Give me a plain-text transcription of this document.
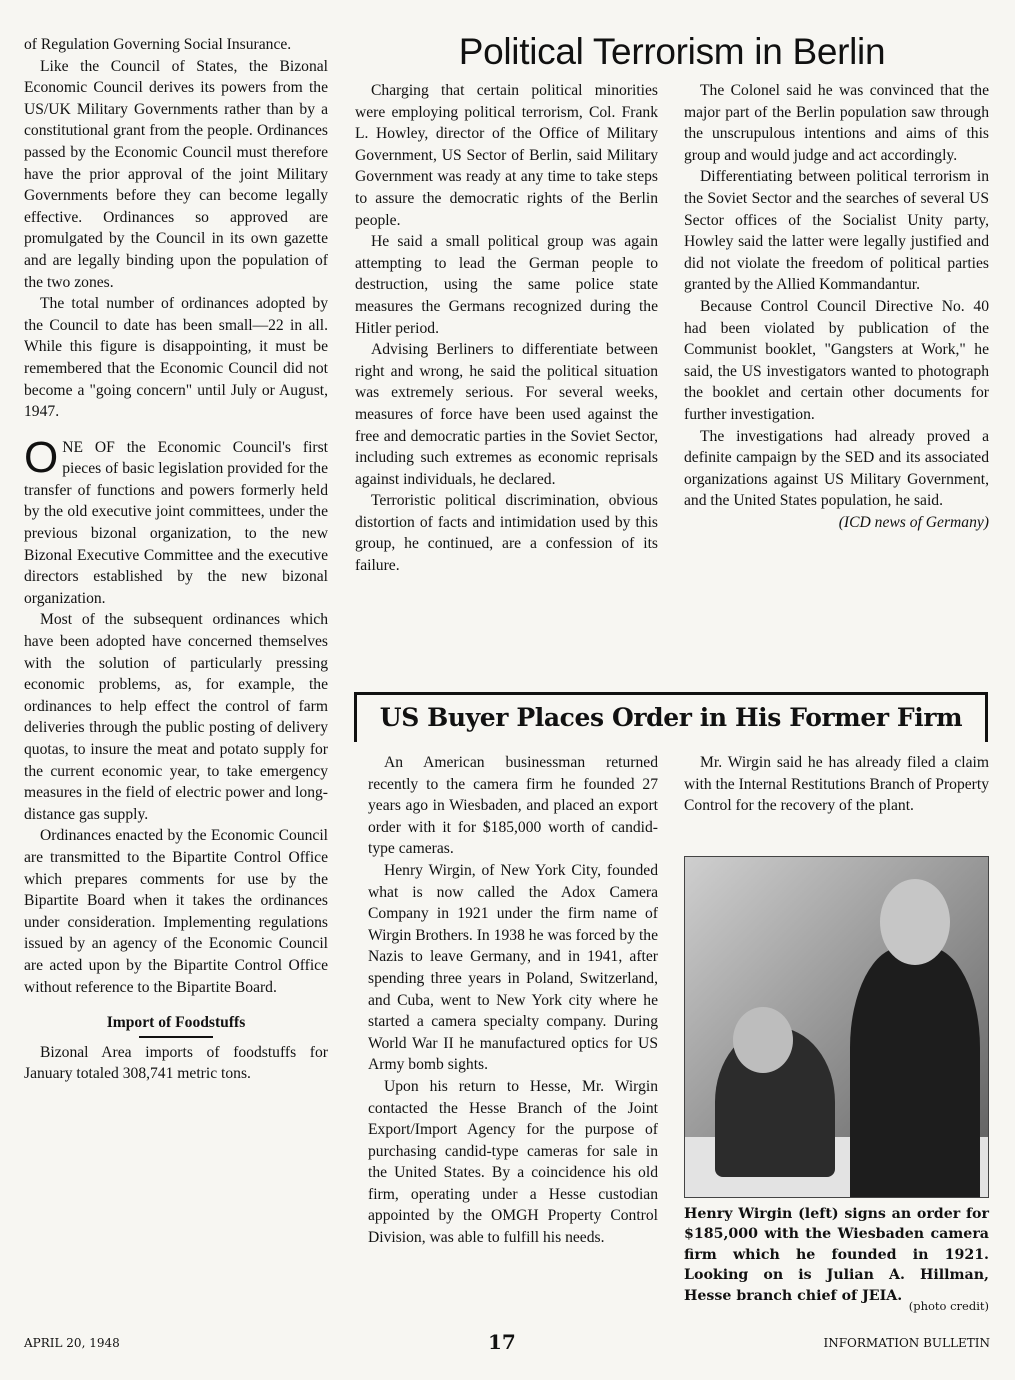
of Regulation Governing Social Insurance.

Like the Council of States, the Bizonal Economic Council derives its powers from the US/UK Military Governments rather than by a constitutional grant from the people. Ordinances passed by the Economic Council must therefore have the prior approval of the joint Military Governments before they can become legally effective. Ordinances so approved are promulgated by the Council in its own gazette and are legally binding upon the population of the two zones.

The total number of ordinances adopted by the Council to date has been small—22 in all. While this figure is disappointing, it must be remembered that the Economic Council did not become a "going concern" until July or August, 1947.

ONE OF the Economic Council's first pieces of basic legislation provided for the transfer of functions and powers formerly held by the old executive joint committees, under the previous bizonal organization, to the new Bizonal Executive Committee and the executive directors established by the new bizonal organization.

Most of the subsequent ordinances which have been adopted have concerned themselves with the solution of particularly pressing economic problems, as, for example, the ordinances to help effect the control of farm deliveries through the public posting of delivery quotas, to insure the meat and potato supply for the current economic year, to take emergency measures in the field of electric power and long-distance gas supply.

Ordinances enacted by the Economic Council are transmitted to the Bipartite Control Office which prepares comments for use by the Bipartite Board when it takes the ordinances under consideration. Implementing regulations issued by an agency of the Economic Council are acted upon by the Bipartite Control Office without reference to the Bipartite Board.

Import of Foodstuffs

Bizonal Area imports of foodstuffs for January totaled 308,741 metric tons.

Political Terrorism in Berlin

Charging that certain political minorities were employing political terrorism, Col. Frank L. Howley, director of the Office of Military Government, US Sector of Berlin, said Military Government was ready at any time to take steps to assure the democratic rights of the Berlin people.

He said a small political group was again attempting to lead the German people to destruction, using the same police state measures the Germans recognized during the Hitler period.

Advising Berliners to differentiate between right and wrong, he said the political situation was extremely serious. For several weeks, measures of force have been used against the free and democratic parties in the Soviet Sector, including such extremes as economic reprisals against individuals, he declared.

Terroristic political discrimination, obvious distortion of facts and intimidation used by this group, he continued, are a confession of its failure.

The Colonel said he was convinced that the major part of the Berlin population saw through the unscrupulous intentions and aims of this group and would judge and act accordingly.

Differentiating between political terrorism in the Soviet Sector and the searches of several US Sector offices of the Socialist Unity party, Howley said the latter were legally justified and did not violate the freedom of political parties granted by the Allied Kommandantur.

Because Control Council Directive No. 40 had been violated by publication of the Communist booklet, "Gangsters at Work," he said, the US investigators wanted to photograph the booklet and certain other documents for further investigation.

The investigations had already proved a definite campaign by the SED and its associated organizations against US Military Government, and the United States population, he said.

(ICD news of Germany)

US Buyer Places Order in His Former Firm

An American businessman returned recently to the camera firm he founded 27 years ago in Wiesbaden, and placed an export order with it for $185,000 worth of candid-type cameras.

Henry Wirgin, of New York City, founded what is now called the Adox Camera Company in 1921 under the firm name of Wirgin Brothers. In 1938 he was forced by the Nazis to leave Germany, and in 1941, after spending three years in Poland, Switzerland, and Cuba, went to New York city where he started a camera specialty company. During World War II he manufactured optics for US Army bomb sights.

Upon his return to Hesse, Mr. Wirgin contacted the Hesse Branch of the Joint Export/Import Agency for the purpose of purchasing candid-type cameras for sale in the United States. By a coincidence his old firm, operating under a Hesse custodian appointed by the OMGH Property Control Division, was able to fulfill his needs.

Mr. Wirgin said he has already filed a claim with the Internal Restitutions Branch of Property Control for the recovery of the plant.

Henry Wirgin (left) signs an order for $185,000 with the Wiesbaden camera firm which he founded in 1921. Looking on is Julian A. Hillman, Hesse branch chief of JEIA.
(photo credit)
APRIL 20, 1948	17	INFORMATION BULLETIN
